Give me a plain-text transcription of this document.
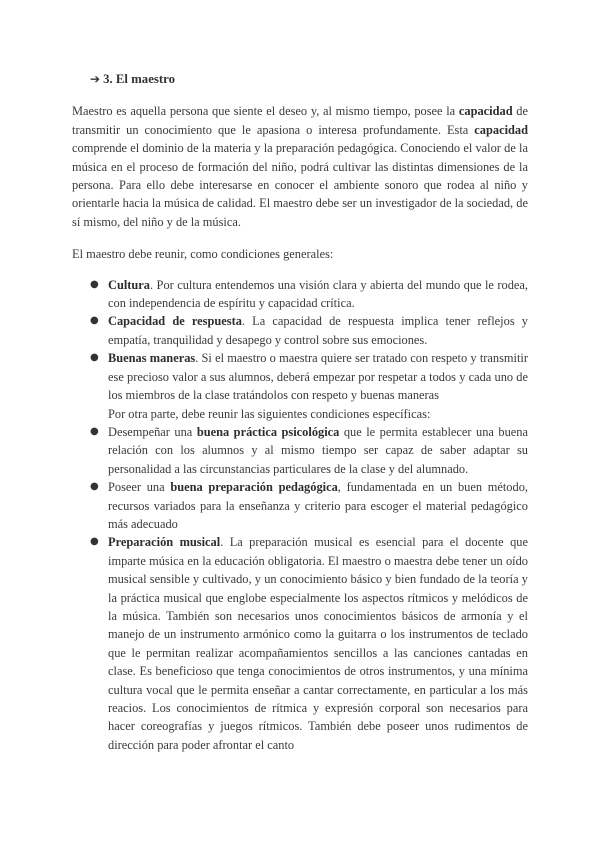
➔ 3. El maestro

Maestro es aquella persona que siente el deseo y, al mismo tiempo, posee la capacidad de transmitir un conocimiento que le apasiona o interesa profundamente. Esta capacidad comprende el dominio de la materia y la preparación pedagógica. Conociendo el valor de la música en el proceso de formación del niño, podrá cultivar las distintas dimensiones de la persona. Para ello debe interesarse en conocer el ambiente sonoro que rodea al niño y orientarle hacia la música de calidad. El maestro debe ser un investigador de la sociedad, de sí mismo, del niño y de la música.

El maestro debe reunir, como condiciones generales:

● Cultura. Por cultura entendemos una visión clara y abierta del mundo que le rodea, con independencia de espíritu y capacidad crítica.
● Capacidad de respuesta. La capacidad de respuesta implica tener reflejos y empatía, tranquilidad y desapego y control sobre sus emociones.
● Buenas maneras. Si el maestro o maestra quiere ser tratado con respeto y transmitir ese precioso valor a sus alumnos, deberá empezar por respetar a todos y cada uno de los miembros de la clase tratándolos con respeto y buenas maneras
Por otra parte, debe reunir las siguientes condiciones específicas:
● Desempeñar una buena práctica psicológica que le permita establecer una buena relación con los alumnos y al mismo tiempo ser capaz de saber adaptar su personalidad a las circunstancias particulares de la clase y del alumnado.
● Poseer una buena preparación pedagógica, fundamentada en un buen método, recursos variados para la enseñanza y criterio para escoger el material pedagógico más adecuado
● Preparación musical. La preparación musical es esencial para el docente que imparte música en la educación obligatoria. El maestro o maestra debe tener un oído musical sensible y cultivado, y un conocimiento básico y bien fundado de la teoría y la práctica musical que englobe especialmente los aspectos rítmicos y melódicos de la música. También son necesarios unos conocimientos básicos de armonía y el manejo de un instrumento armónico como la guitarra o los instrumentos de teclado que le permitan realizar acompañamientos sencillos a las canciones cantadas en clase. Es beneficioso que tenga conocimientos de otros instrumentos, y una mínima cultura vocal que le permita enseñar a cantar correctamente, en particular a los más reacios. Los conocimientos de rítmica y expresión corporal son necesarios para hacer coreografías y juegos rítmicos. También debe poseer unos rudimentos de dirección para poder afrontar el canto
